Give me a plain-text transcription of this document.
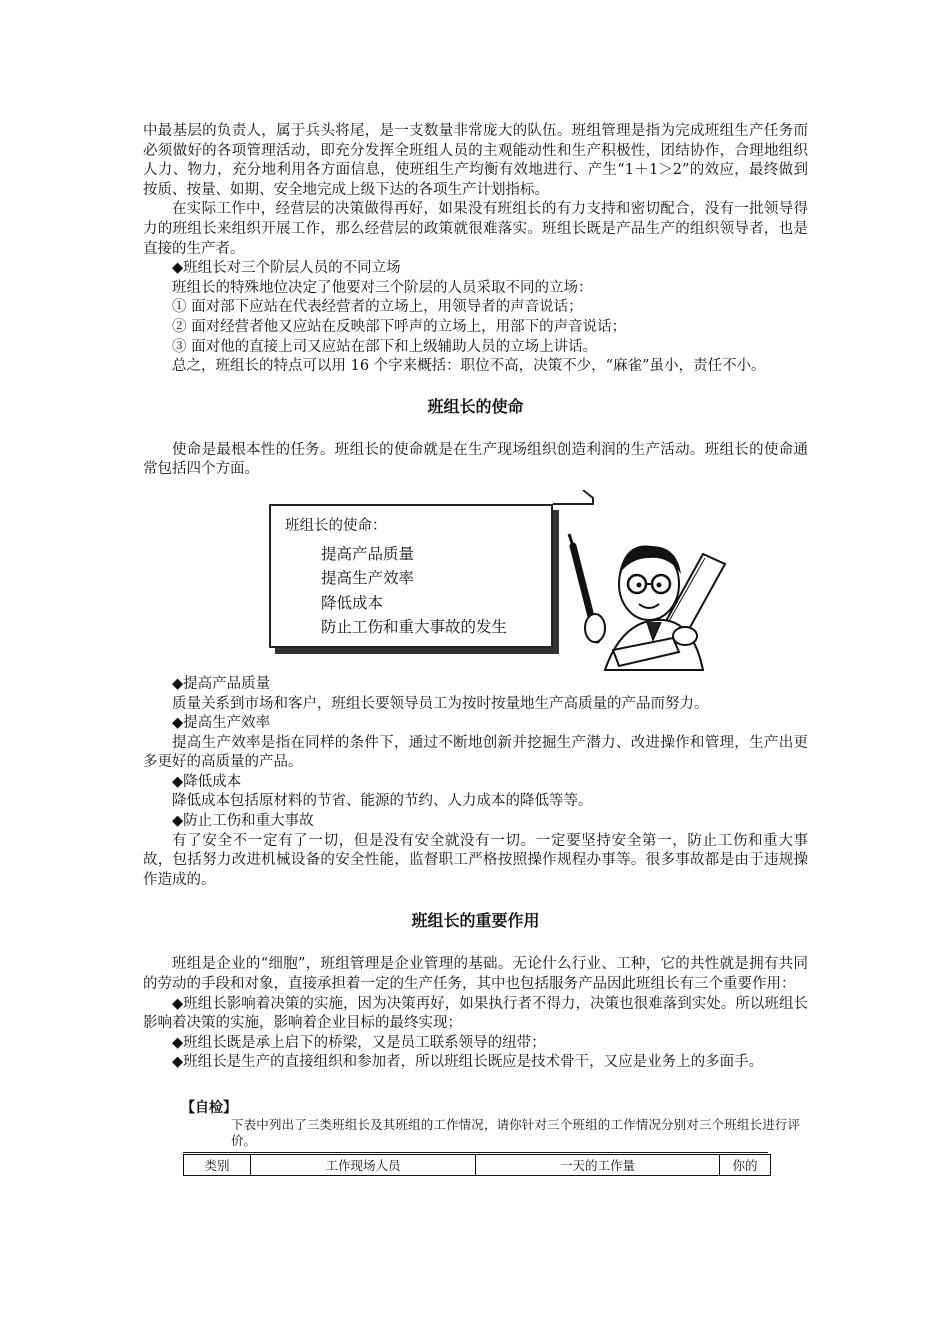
中最基层的负责人，属于兵头将尾，是一支数量非常庞大的队伍。班组管理是指为完成班组生产任务而必须做好的各项管理活动，即充分发挥全班组人员的主观能动性和生产积极性，团结协作，合理地组织人力、物力，充分地利用各方面信息，使班组生产均衡有效地进行、产生“1＋1＞2”的效应，最终做到按质、按量、如期、安全地完成上级下达的各项生产计划指标。

在实际工作中，经营层的决策做得再好，如果没有班组长的有力支持和密切配合，没有一批领导得力的班组长来组织开展工作，那么经营层的政策就很难落实。班组长既是产品生产的组织领导者，也是直接的生产者。

◆班组长对三个阶层人员的不同立场

班组长的特殊地位决定了他要对三个阶层的人员采取不同的立场：

① 面对部下应站在代表经营者的立场上，用领导者的声音说话；

② 面对经营者他又应站在反映部下呼声的立场上，用部下的声音说话；

③ 面对他的直接上司又应站在部下和上级辅助人员的立场上讲话。

总之，班组长的特点可以用 16 个字来概括：职位不高，决策不少，“麻雀”虽小，责任不小。

班组长的使命

使命是最根本性的任务。班组长的使命就是在生产现场组织创造利润的生产活动。班组长的使命通常包括四个方面。

班组长的使命：
提高产品质量
提高生产效率
降低成本
防止工伤和重大事故的发生

◆提高产品质量

质量关系到市场和客户，班组长要领导员工为按时按量地生产高质量的产品而努力。

◆提高生产效率

提高生产效率是指在同样的条件下，通过不断地创新并挖掘生产潜力、改进操作和管理，生产出更多更好的高质量的产品。

◆降低成本

降低成本包括原材料的节省、能源的节约、人力成本的降低等等。

◆防止工伤和重大事故

有了安全不一定有了一切，但是没有安全就没有一切。一定要坚持安全第一，防止工伤和重大事故，包括努力改进机械设备的安全性能，监督职工严格按照操作规程办事等。很多事故都是由于违规操作造成的。

班组长的重要作用

班组是企业的“细胞”，班组管理是企业管理的基础。无论什么行业、工种，它的共性就是拥有共同的劳动的手段和对象，直接承担着一定的生产任务，其中也包括服务产品因此班组长有三个重要作用：

◆班组长影响着决策的实施，因为决策再好，如果执行者不得力，决策也很难落到实处。所以班组长影响着决策的实施，影响着企业目标的最终实现；

◆班组长既是承上启下的桥梁，又是员工联系领导的纽带；

◆班组长是生产的直接组织和参加者，所以班组长既应是技术骨干，又应是业务上的多面手。

【自检】

下表中列出了三类班组长及其班组的工作情况，请你针对三个班组的工作情况分别对三个班组长进行评价。

类别	工作现场人员	一天的工作量	你的
